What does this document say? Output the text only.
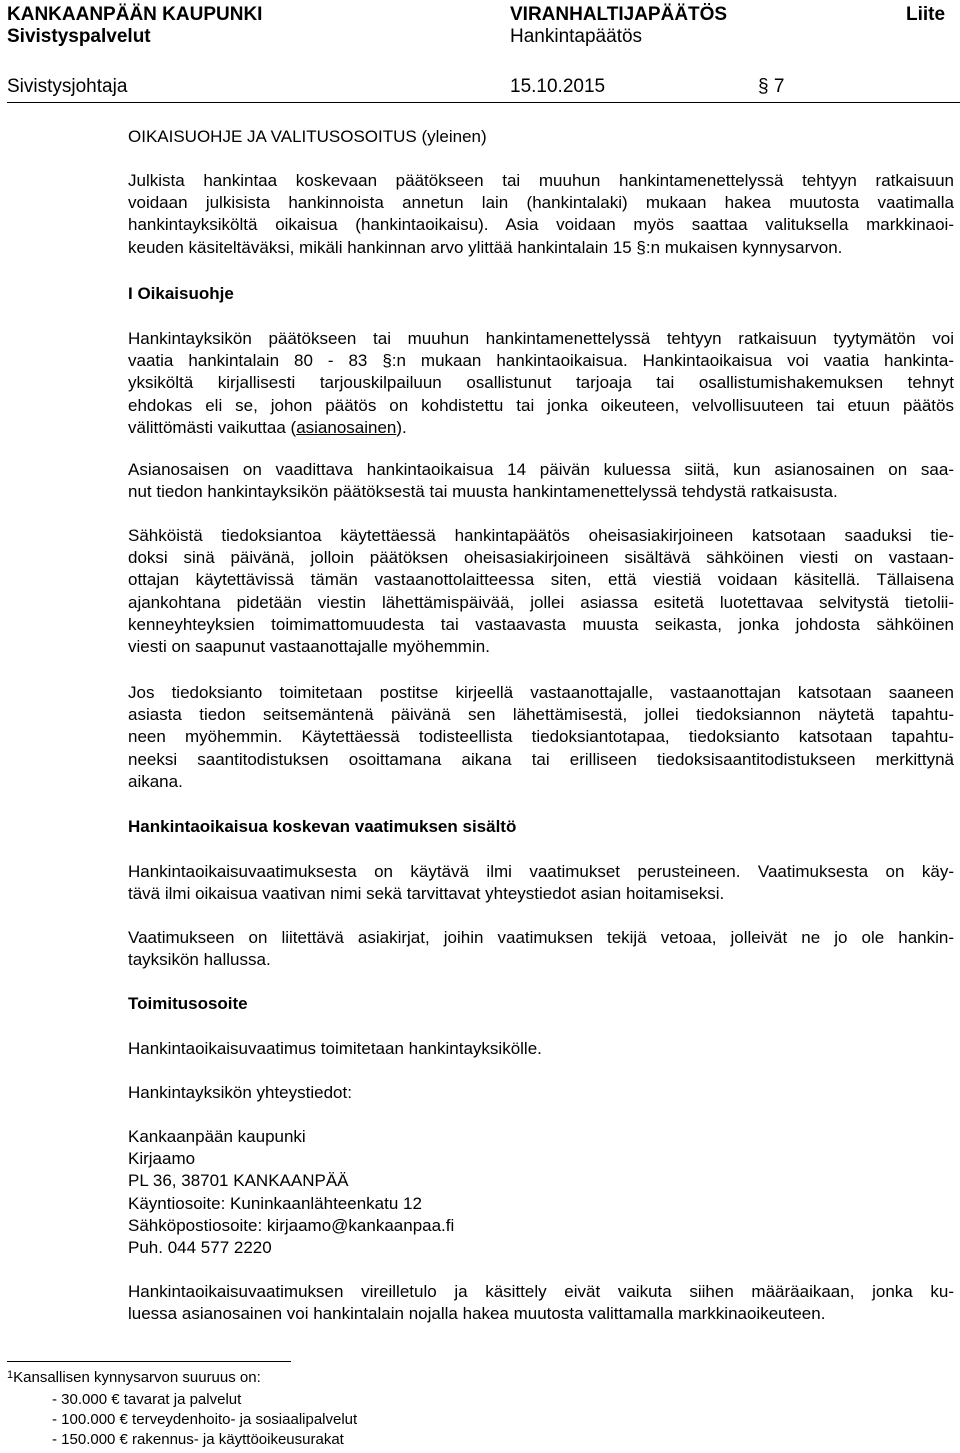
KANKAANPÄÄN KAUPUNKI
Sivistyspalvelut
VIRANHALTIJAPÄÄTÖS
Hankintapäätös
Liite
Sivistysjohtaja	15.10.2015	§ 7
OIKAISUOHJE JA VALITUSOSOITUS (yleinen)
Julkista hankintaa koskevaan päätökseen tai muuhun hankintamenettelyssä tehtyyn ratkaisuun
voidaan julkisista hankinnoista annetun lain (hankintalaki) mukaan hakea muutosta vaatimalla
hankintayksiköltä oikaisua (hankintaoikaisu). Asia voidaan myös saattaa valituksella markkinaoi-
keuden käsiteltäväksi, mikäli hankinnan arvo ylittää hankintalain 15 §:n mukaisen kynnysarvon.
I Oikaisuohje
Hankintayksikön päätökseen tai muuhun hankintamenettelyssä tehtyyn ratkaisuun tyytymätön voi
vaatia hankintalain 80 - 83 §:n mukaan hankintaoikaisua. Hankintaoikaisua voi vaatia hankinta-
yksiköltä kirjallisesti tarjouskilpailuun osallistunut tarjoaja tai osallistumishakemuksen tehnyt
ehdokas eli se, johon päätös on kohdistettu tai jonka oikeuteen, velvollisuuteen tai etuun päätös
välittömästi vaikuttaa (asianosainen).
Asianosaisen on vaadittava hankintaoikaisua 14 päivän kuluessa siitä, kun asianosainen on saa-
nut tiedon hankintayksikön päätöksestä tai muusta hankintamenettelyssä tehdystä ratkaisusta.
Sähköistä tiedoksiantoa käytettäessä hankintapäätös oheisasiakirjoineen katsotaan saaduksi tie-
doksi sinä päivänä, jolloin päätöksen oheisasiakirjoineen sisältävä sähköinen viesti on vastaan-
ottajan käytettävissä tämän vastaanottolaitteessa siten, että viestiä voidaan käsitellä. Tällaisena
ajankohtana pidetään viestin lähettämispäivää, jollei asiassa esitetä luotettavaa selvitystä tietolii-
kenneyhteyksien toimimattomuudesta tai vastaavasta muusta seikasta, jonka johdosta sähköinen
viesti on saapunut vastaanottajalle myöhemmin.
Jos tiedoksianto toimitetaan postitse kirjeellä vastaanottajalle, vastaanottajan katsotaan saaneen
asiasta tiedon seitsemäntenä päivänä sen lähettämisestä, jollei tiedoksiannon näytetä tapahtu-
neen myöhemmin. Käytettäessä todisteellista tiedoksiantotapaa, tiedoksianto katsotaan tapahtu-
neeksi saantitodistuksen osoittamana aikana tai erilliseen tiedoksisaantitodistukseen merkittynä
aikana.
Hankintaoikaisua koskevan vaatimuksen sisältö
Hankintaoikaisuvaatimuksesta on käytävä ilmi vaatimukset perusteineen. Vaatimuksesta on käy-
tävä ilmi oikaisua vaativan nimi sekä tarvittavat yhteystiedot asian hoitamiseksi.
Vaatimukseen on liitettävä asiakirjat, joihin vaatimuksen tekijä vetoaa, jolleivät ne jo ole hankin-
tayksikön hallussa.
Toimitusosoite
Hankintaoikaisuvaatimus toimitetaan hankintayksikölle.
Hankintayksikön yhteystiedot:
Kankaanpään kaupunki
Kirjaamo
PL 36, 38701 KANKAANPÄÄ
Käyntiosoite: Kuninkaanlähteenkatu 12
Sähköpostiosoite: kirjaamo@kankaanpaa.fi
Puh. 044 577 2220
Hankintaoikaisuvaatimuksen vireilletulo ja käsittely eivät vaikuta siihen määräaikaan, jonka ku-
luessa asianosainen voi hankintalain nojalla hakea muutosta valittamalla markkinaoikeuteen.
$^1$Kansallisen kynnysarvon suuruus on:
- 30.000 € tavarat ja palvelut
- 100.000 € terveydenhoito- ja sosiaalipalvelut
- 150.000 € rakennus- ja käyttöoikeusurakat
